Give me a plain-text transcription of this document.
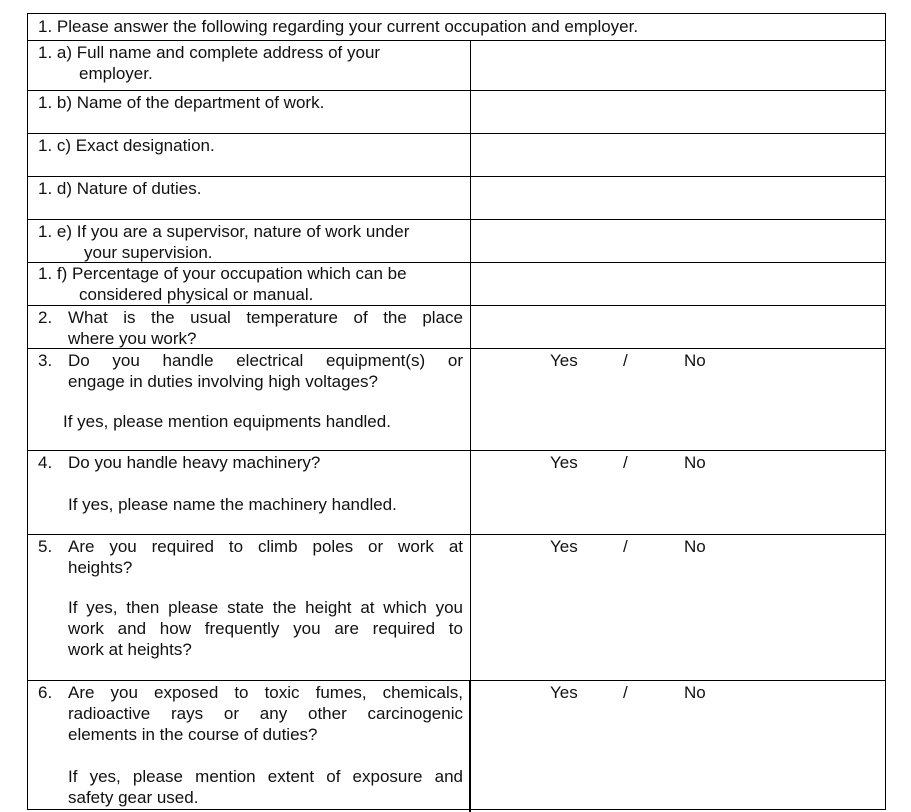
1. Please answer the following regarding your current occupation and employer.
1. a) Full name and complete address of your
employer.
1. b) Name of the department of work.
1. c) Exact designation.
1. d) Nature of duties.
1. e) If you are a supervisor, nature of work under
your supervision.
1. f) Percentage of your occupation which can be
considered physical or manual.
2. What is the usual temperature of the place
where you work?
3. Do you handle electrical equipment(s) or
engage in duties involving high voltages?
If yes, please mention equipments handled.
Yes	/	No
4. Do you handle heavy machinery?
If yes, please name the machinery handled.
Yes	/	No
5. Are you required to climb poles or work at
heights?
If yes, then please state the height at which you
work and how frequently you are required to
work at heights?
Yes	/	No
6. Are you exposed to toxic fumes, chemicals,
radioactive rays or any other carcinogenic
elements in the course of duties?
If yes, please mention extent of exposure and
safety gear used.
Yes	/	No
